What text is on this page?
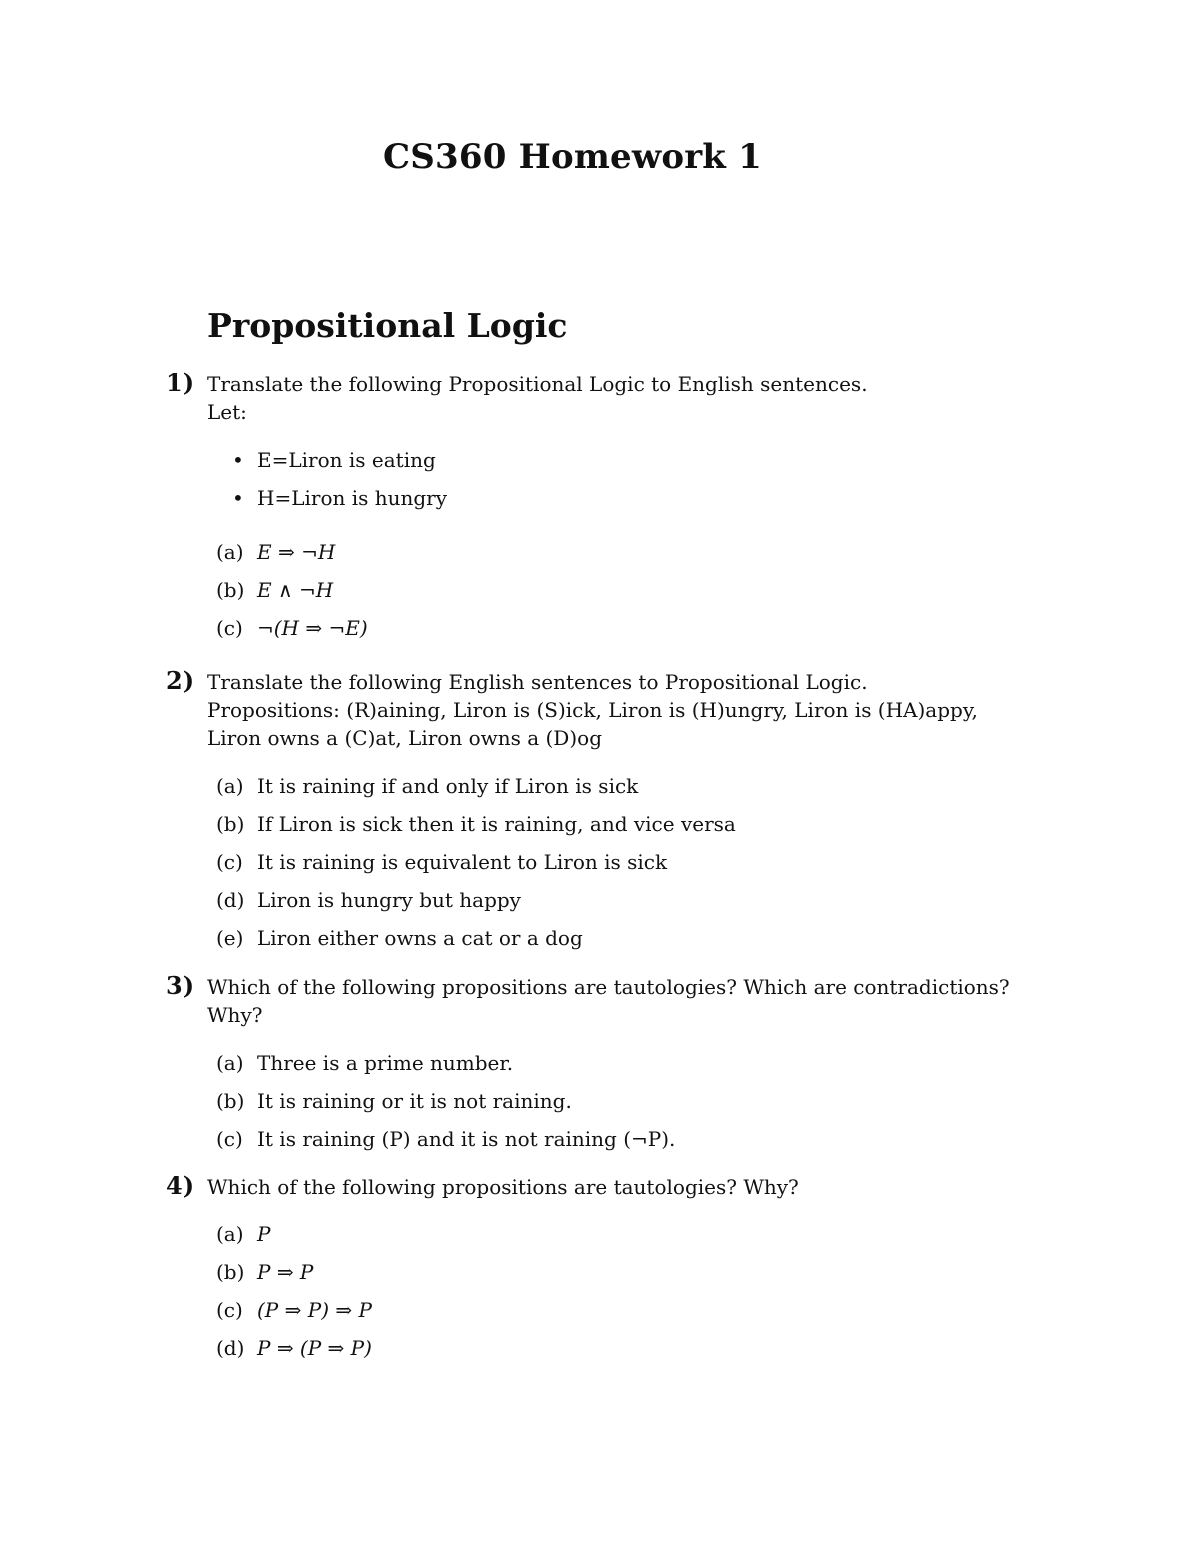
CS360 Homework 1
Propositional Logic
1) Translate the following Propositional Logic to English sentences.
Let:
• E=Liron is eating
• H=Liron is hungry
(a) E ⇒ ¬H
(b) E ∧ ¬H
(c) ¬(H ⇒ ¬E)
2) Translate the following English sentences to Propositional Logic.
Propositions: (R)aining, Liron is (S)ick, Liron is (H)ungry, Liron is (HA)appy,
Liron owns a (C)at, Liron owns a (D)og
(a) It is raining if and only if Liron is sick
(b) If Liron is sick then it is raining, and vice versa
(c) It is raining is equivalent to Liron is sick
(d) Liron is hungry but happy
(e) Liron either owns a cat or a dog
3) Which of the following propositions are tautologies? Which are contradictions?
Why?
(a) Three is a prime number.
(b) It is raining or it is not raining.
(c) It is raining (P) and it is not raining (¬P).
4) Which of the following propositions are tautologies? Why?
(a) P
(b) P ⇒ P
(c) (P ⇒ P) ⇒ P
(d) P ⇒ (P ⇒ P)
